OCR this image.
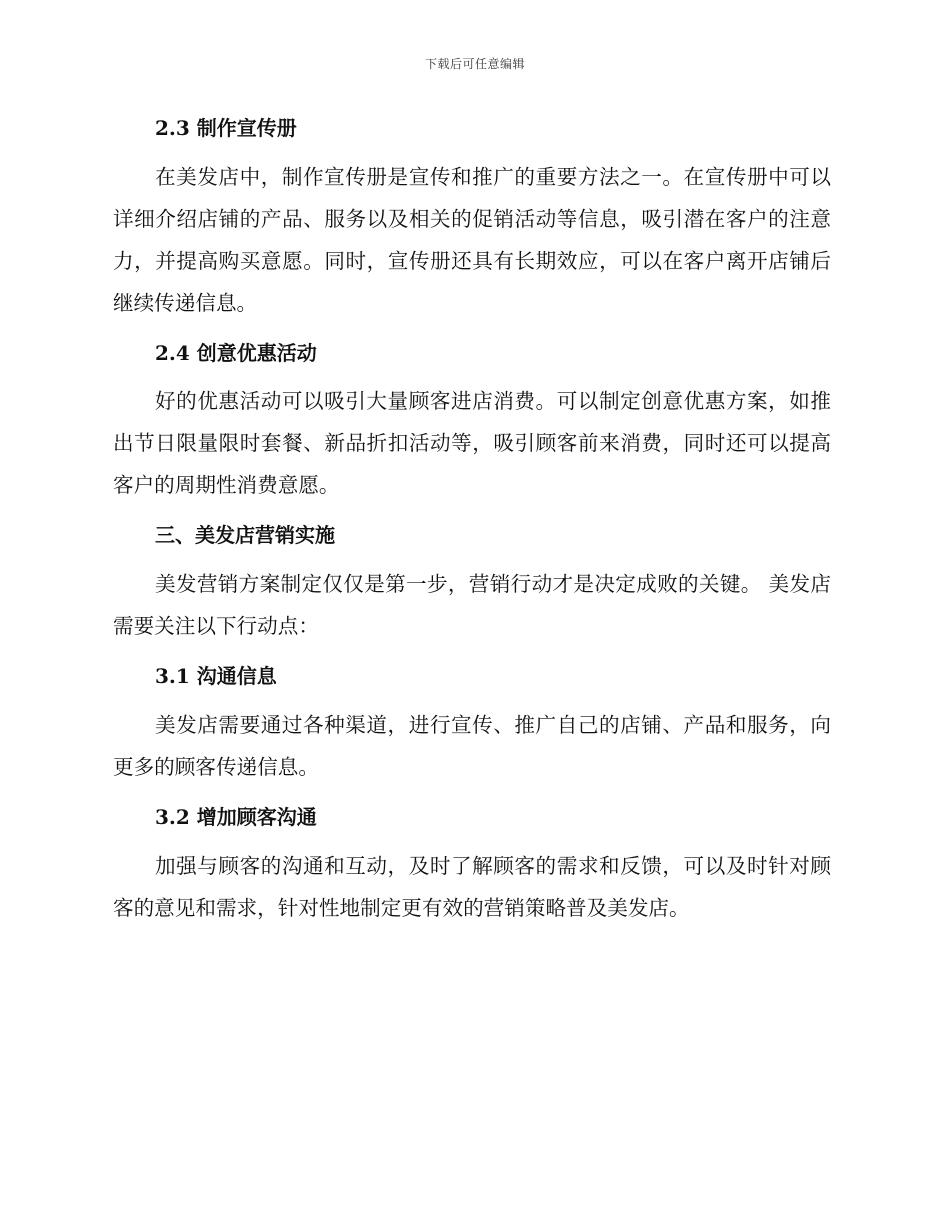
下载后可任意编辑
2.3 制作宣传册

在美发店中，制作宣传册是宣传和推广的重要方法之一。在宣传册中可以详细介绍店铺的产品、服务以及相关的促销活动等信息，吸引潜在客户的注意力，并提高购买意愿。同时，宣传册还具有长期效应，可以在客户离开店铺后继续传递信息。

2.4 创意优惠活动

好的优惠活动可以吸引大量顾客进店消费。可以制定创意优惠方案，如推出节日限量限时套餐、新品折扣活动等，吸引顾客前来消费，同时还可以提高客户的周期性消费意愿。

三、美发店营销实施

美发营销方案制定仅仅是第一步，营销行动才是决定成败的关键。 美发店需要关注以下行动点：

3.1 沟通信息

美发店需要通过各种渠道，进行宣传、推广自己的店铺、产品和服务，向更多的顾客传递信息。

3.2 增加顾客沟通

加强与顾客的沟通和互动，及时了解顾客的需求和反馈，可以及时针对顾客的意见和需求，针对性地制定更有效的营销策略普及美发店。
